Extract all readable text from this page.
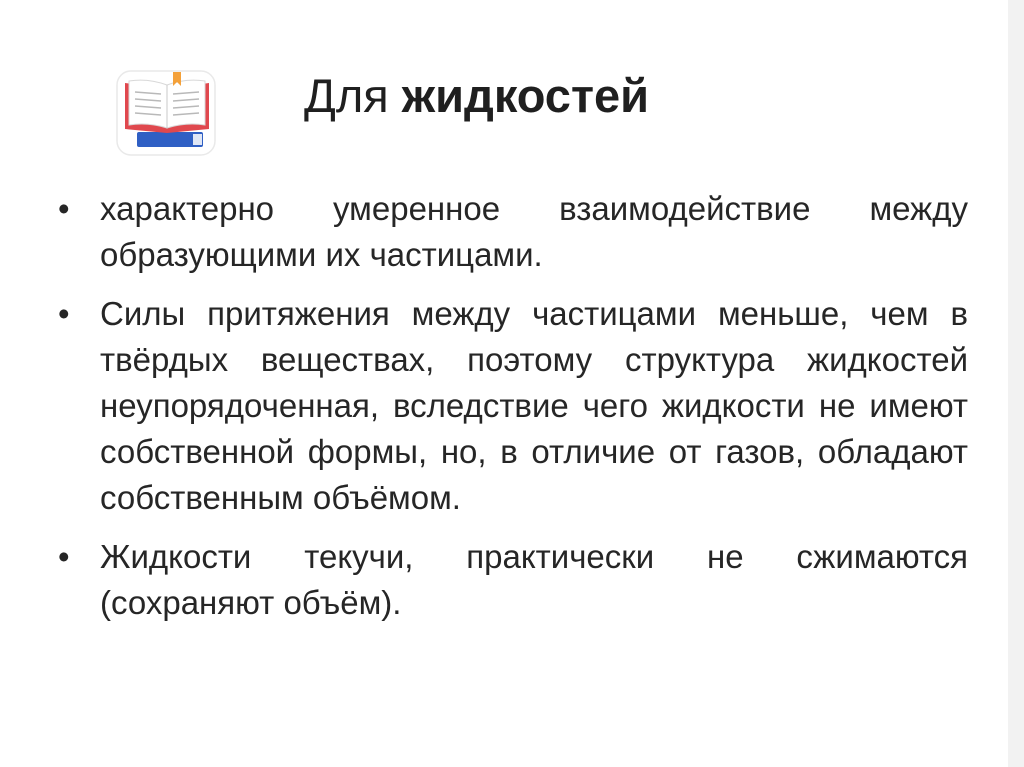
Для жидкостей
• характерно умеренное взаимодействие между образующими их частицами.
• Силы притяжения между частицами меньше, чем в твёрдых веществах, поэтому структура жидкостей неупорядоченная, вследствие чего жидкости не имеют собственной формы, но, в отличие от газов, обладают собственным объёмом.
• Жидкости текучи, практически не сжимаются (сохраняют объём).
